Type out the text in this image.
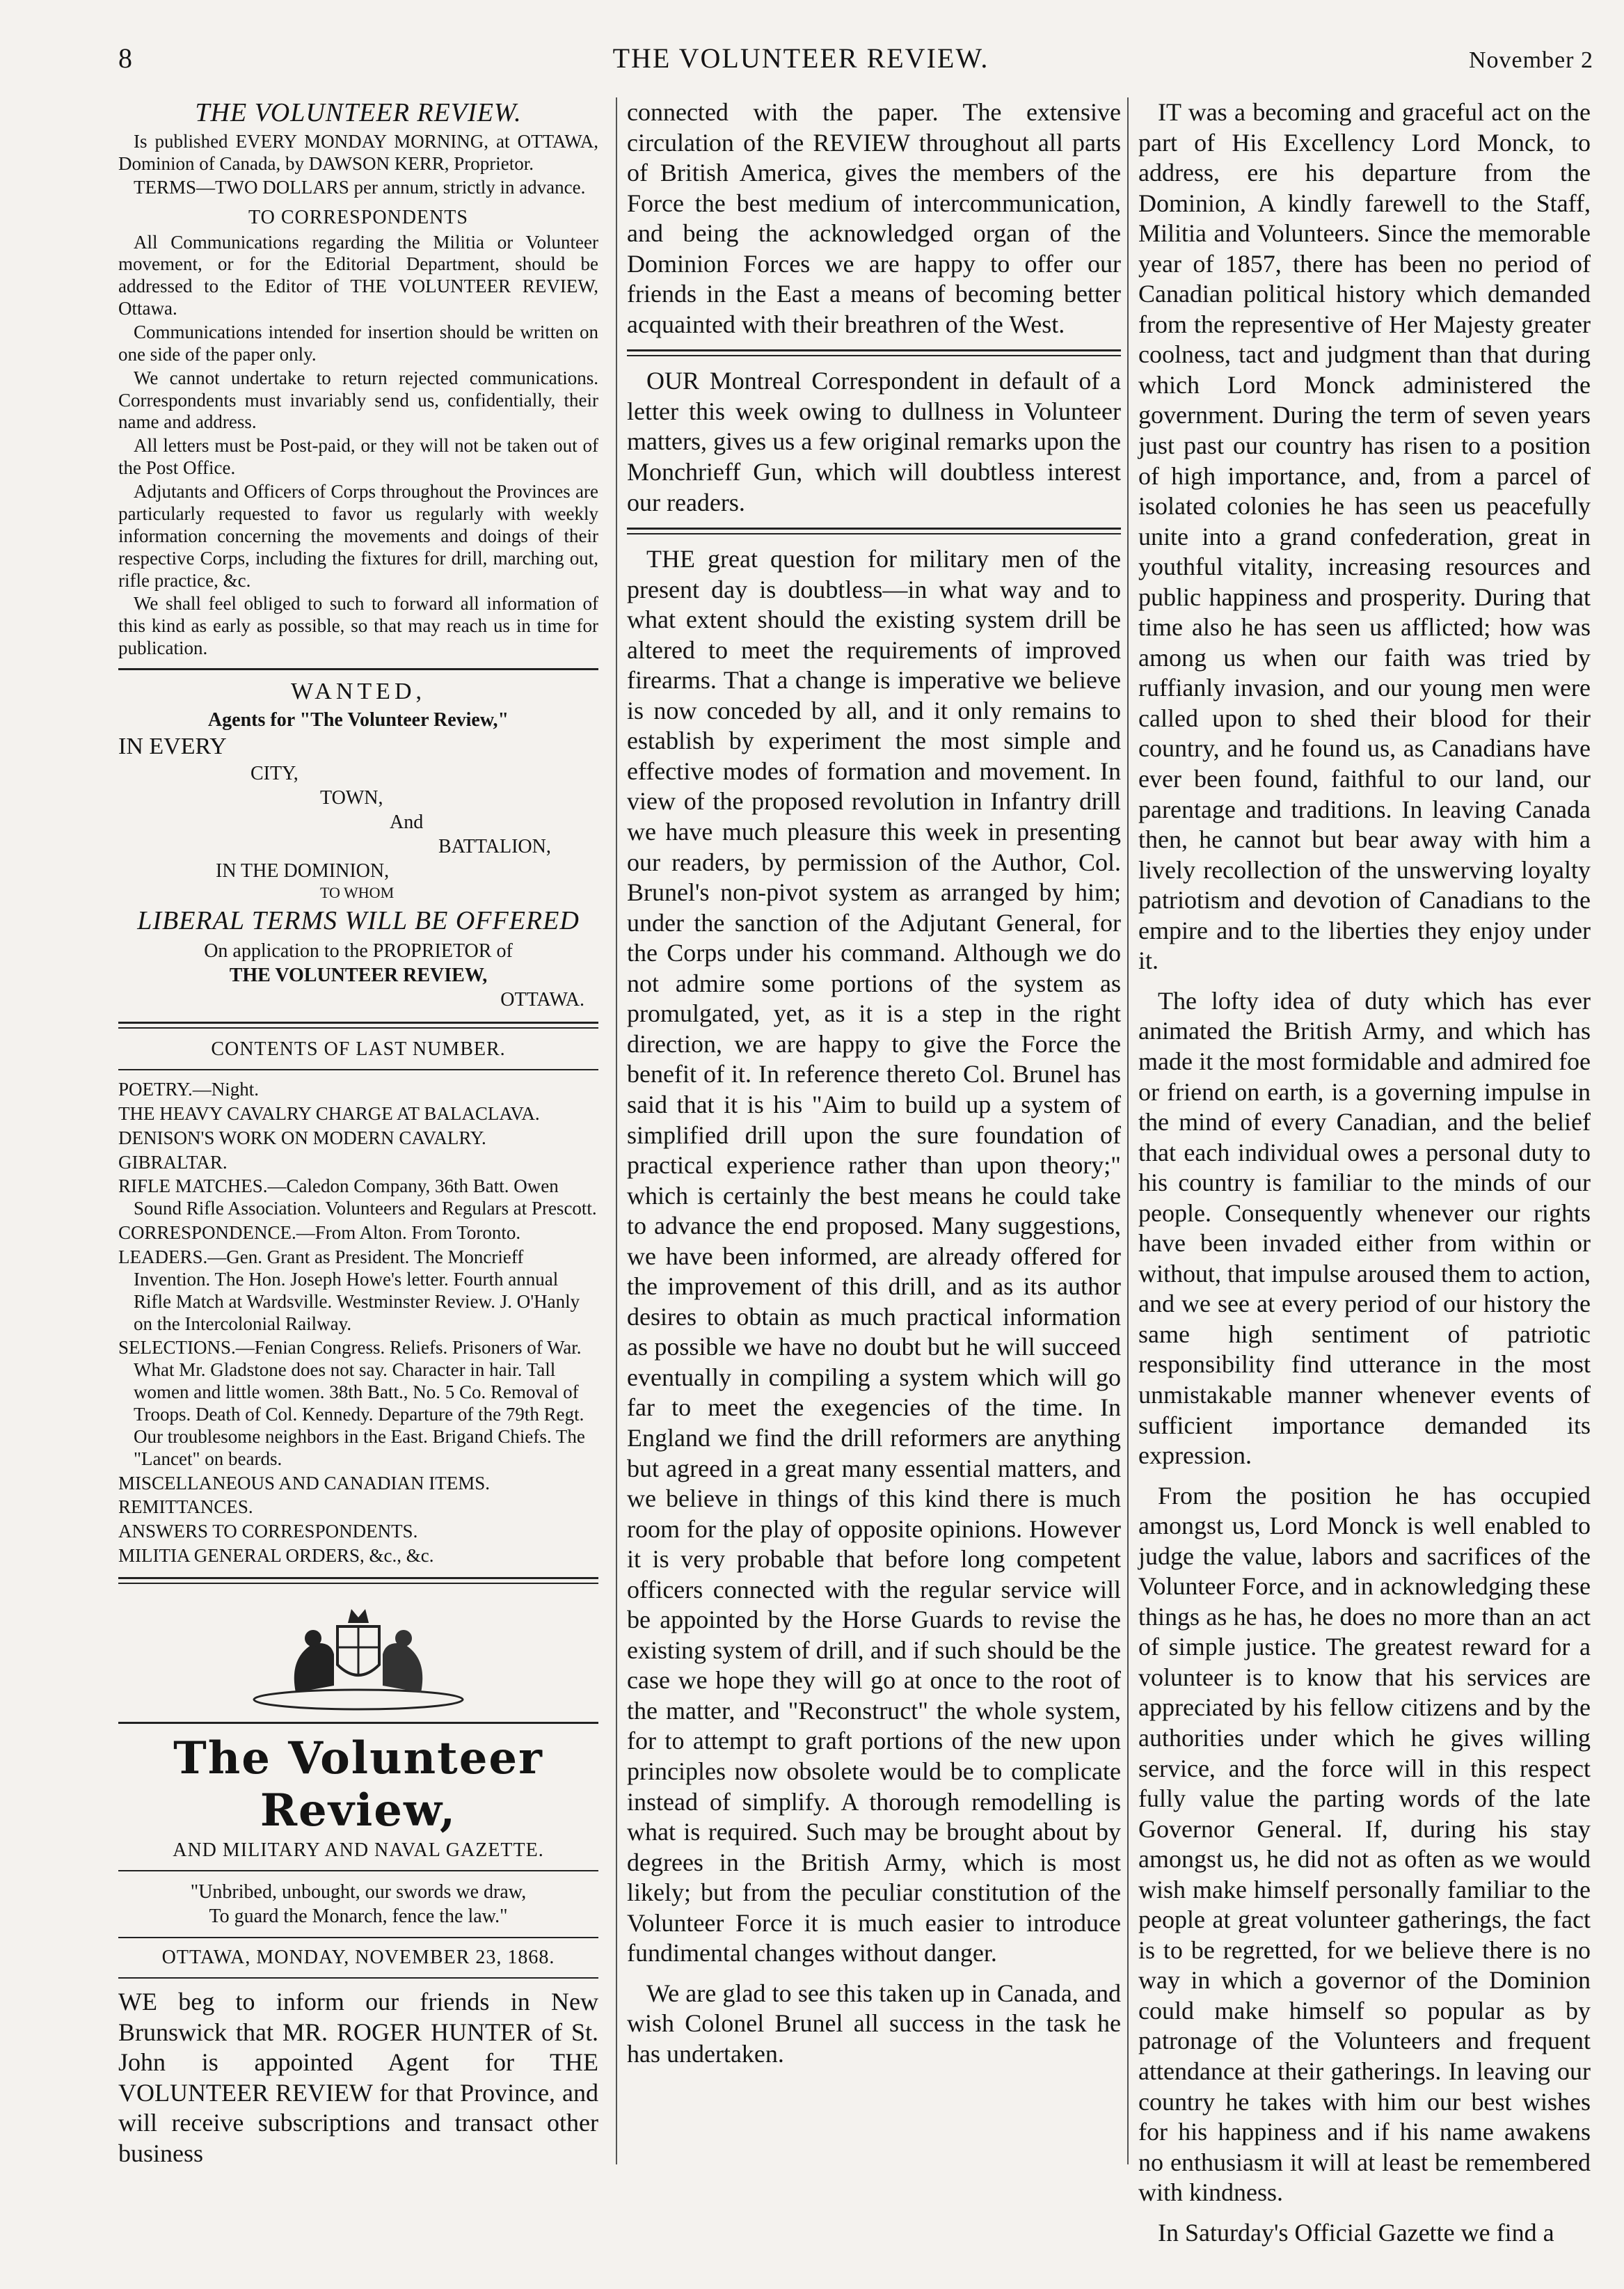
8	THE VOLUNTEER REVIEW.	November 2
THE VOLUNTEER REVIEW.

Is published EVERY MONDAY MORNING, at OTTAWA, Dominion of Canada, by DAWSON KERR, Proprietor.

TERMS—TWO DOLLARS per annum, strictly in advance.

TO CORRESPONDENTS

All Communications regarding the Militia or Volunteer movement, or for the Editorial Department, should be addressed to the Editor of THE VOLUNTEER REVIEW, Ottawa.

Communications intended for insertion should be written on one side of the paper only.

We cannot undertake to return rejected communications. Correspondents must invariably send us, confidentially, their name and address.

All letters must be Post-paid, or they will not be taken out of the Post Office.

Adjutants and Officers of Corps throughout the Provinces are particularly requested to favor us regularly with weekly information concerning the movements and doings of their respective Corps, including the fixtures for drill, marching out, rifle practice, &c.

We shall feel obliged to such to forward all information of this kind as early as possible, so that may reach us in time for publication.

WANTED,
Agents for "The Volunteer Review,"
IN EVERY
CITY,
TOWN,
And
BATTALION,
IN THE DOMINION,
TO WHOM
LIBERAL TERMS WILL BE OFFERED
On application to the PROPRIETOR of
THE VOLUNTEER REVIEW,
OTTAWA.
CONTENTS OF LAST NUMBER.

POETRY.—Night.

THE HEAVY CAVALRY CHARGE AT BALACLAVA.

DENISON'S WORK ON MODERN CAVALRY.

GIBRALTAR.

RIFLE MATCHES.—Caledon Company, 36th Batt. Owen Sound Rifle Association. Volunteers and Regulars at Prescott.

CORRESPONDENCE.—From Alton. From Toronto.

LEADERS.—Gen. Grant as President. The Moncrieff Invention. The Hon. Joseph Howe's letter. Fourth annual Rifle Match at Wardsville. Westminster Review. J. O'Hanly on the Intercolonial Railway.

SELECTIONS.—Fenian Congress. Reliefs. Prisoners of War. What Mr. Gladstone does not say. Character in hair. Tall women and little women. 38th Batt., No. 5 Co. Removal of Troops. Death of Col. Kennedy. Departure of the 79th Regt. Our troublesome neighbors in the East. Brigand Chiefs. The "Lancet" on beards.

MISCELLANEOUS AND CANADIAN ITEMS.

REMITTANCES.

ANSWERS TO CORRESPONDENTS.

MILITIA GENERAL ORDERS, &c., &c.

The Volunteer Review,
AND MILITARY AND NAVAL GAZETTE.
"Unbribed, unbought, our swords we draw,
To guard the Monarch, fence the law."
OTTAWA, MONDAY, NOVEMBER 23, 1868.

WE beg to inform our friends in New Brunswick that MR. ROGER HUNTER of St. John is appointed Agent for THE VOLUNTEER REVIEW for that Province, and will receive subscriptions and transact other business

connected with the paper. The extensive circulation of the REVIEW throughout all parts of British America, gives the members of the Force the best medium of intercommunication, and being the acknowledged organ of the Dominion Forces we are happy to offer our friends in the East a means of becoming better acquainted with their breathren of the West.

OUR Montreal Correspondent in default of a letter this week owing to dullness in Volunteer matters, gives us a few original remarks upon the Monchrieff Gun, which will doubtless interest our readers.

THE great question for military men of the present day is doubtless—in what way and to what extent should the existing system drill be altered to meet the requirements of improved firearms. That a change is imperative we believe is now conceded by all, and it only remains to establish by experiment the most simple and effective modes of formation and movement. In view of the proposed revolution in Infantry drill we have much pleasure this week in presenting our readers, by permission of the Author, Col. Brunel's non-pivot system as arranged by him; under the sanction of the Adjutant General, for the Corps under his command. Although we do not admire some portions of the system as promulgated, yet, as it is a step in the right direction, we are happy to give the Force the benefit of it. In reference thereto Col. Brunel has said that it is his "Aim to build up a system of simplified drill upon the sure foundation of practical experience rather than upon theory;" which is certainly the best means he could take to advance the end proposed. Many suggestions, we have been informed, are already offered for the improvement of this drill, and as its author desires to obtain as much practical information as possible we have no doubt but he will succeed eventually in compiling a system which will go far to meet the exegencies of the time. In England we find the drill reformers are anything but agreed in a great many essential matters, and we believe in things of this kind there is much room for the play of opposite opinions. However it is very probable that before long competent officers connected with the regular service will be appointed by the Horse Guards to revise the existing system of drill, and if such should be the case we hope they will go at once to the root of the matter, and "Reconstruct" the whole system, for to attempt to graft portions of the new upon principles now obsolete would be to complicate instead of simplify. A thorough remodelling is what is required. Such may be brought about by degrees in the British Army, which is most likely; but from the peculiar constitution of the Volunteer Force it is much easier to introduce fundimental changes without danger.

We are glad to see this taken up in Canada, and wish Colonel Brunel all success in the task he has undertaken.

IT was a becoming and graceful act on the part of His Excellency Lord Monck, to address, ere his departure from the Dominion, A kindly farewell to the Staff, Militia and Volunteers. Since the memorable year of 1857, there has been no period of Canadian political history which demanded from the representive of Her Majesty greater coolness, tact and judgment than that during which Lord Monck administered the government. During the term of seven years just past our country has risen to a position of high importance, and, from a parcel of isolated colonies he has seen us peacefully unite into a grand confederation, great in youthful vitality, increasing resources and public happiness and prosperity. During that time also he has seen us afflicted; how was among us when our faith was tried by ruffianly invasion, and our young men were called upon to shed their blood for their country, and he found us, as Canadians have ever been found, faithful to our land, our parentage and traditions. In leaving Canada then, he cannot but bear away with him a lively recollection of the unswerving loyalty patriotism and devotion of Canadians to the empire and to the liberties they enjoy under it.

The lofty idea of duty which has ever animated the British Army, and which has made it the most formidable and admired foe or friend on earth, is a governing impulse in the mind of every Canadian, and the belief that each individual owes a personal duty to his country is familiar to the minds of our people. Consequently whenever our rights have been invaded either from within or without, that impulse aroused them to action, and we see at every period of our history the same high sentiment of patriotic responsibility find utterance in the most unmistakable manner whenever events of sufficient importance demanded its expression.

From the position he has occupied amongst us, Lord Monck is well enabled to judge the value, labors and sacrifices of the Volunteer Force, and in acknowledging these things as he has, he does no more than an act of simple justice. The greatest reward for a volunteer is to know that his services are appreciated by his fellow citizens and by the authorities under which he gives willing service, and the force will in this respect fully value the parting words of the late Governor General. If, during his stay amongst us, he did not as often as we would wish make himself personally familiar to the people at great volunteer gatherings, the fact is to be regretted, for we believe there is no way in which a governor of the Dominion could make himself so popular as by patronage of the Volunteers and frequent attendance at their gatherings. In leaving our country he takes with him our best wishes for his happiness and if his name awakens no enthusiasm it will at least be remembered with kindness.

In Saturday's Official Gazette we find a
